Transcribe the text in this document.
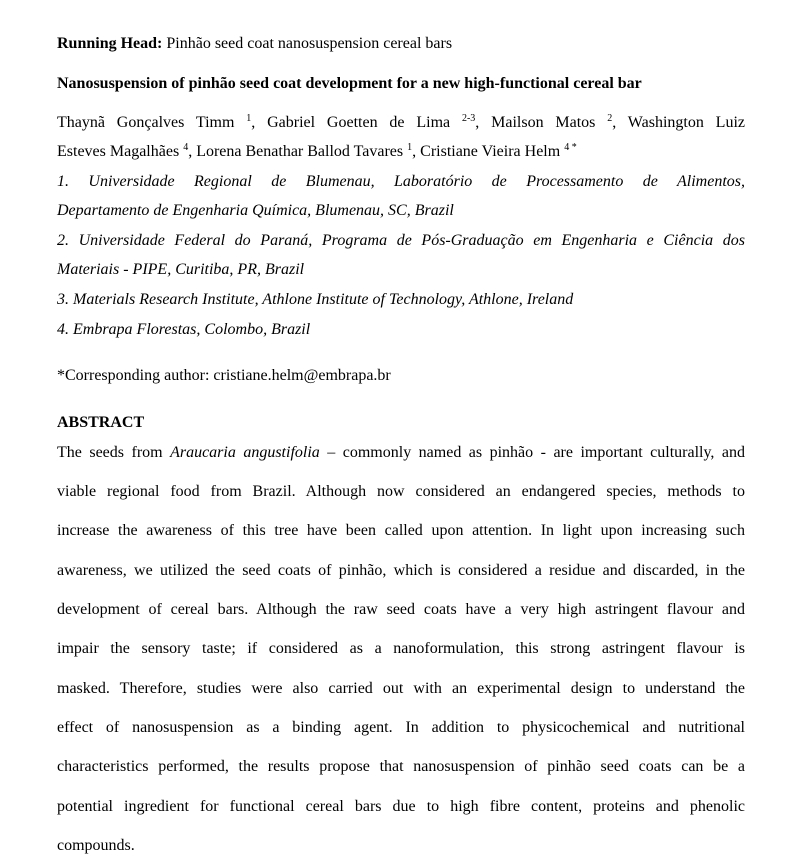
Running Head: Pinhão seed coat nanosuspension cereal bars
Nanosuspension of pinhão seed coat development for a new high-functional cereal bar
Thaynã Gonçalves Timm $^1$, Gabriel Goetten de Lima $^{2-3}$, Mailson Matos $^2$, Washington Luiz
Esteves Magalhães $^4$, Lorena Benathar Ballod Tavares $^1$, Cristiane Vieira Helm $^{4 *}$
1. Universidade Regional de Blumenau, Laboratório de Processamento de Alimentos,
Departamento de Engenharia Química, Blumenau, SC, Brazil
2. Universidade Federal do Paraná, Programa de Pós-Graduação em Engenharia e Ciência dos
Materiais - PIPE, Curitiba, PR, Brazil
3. Materials Research Institute, Athlone Institute of Technology, Athlone, Ireland
4. Embrapa Florestas, Colombo, Brazil
*Corresponding author: cristiane.helm@embrapa.br
ABSTRACT
The seeds from Araucaria angustifolia – commonly named as pinhão - are important culturally, and
viable regional food from Brazil. Although now considered an endangered species, methods to
increase the awareness of this tree have been called upon attention. In light upon increasing such
awareness, we utilized the seed coats of pinhão, which is considered a residue and discarded, in the
development of cereal bars. Although the raw seed coats have a very high astringent flavour and
impair the sensory taste; if considered as a nanoformulation, this strong astringent flavour is
masked. Therefore, studies were also carried out with an experimental design to understand the
effect of nanosuspension as a binding agent. In addition to physicochemical and nutritional
characteristics performed, the results propose that nanosuspension of pinhão seed coats can be a
potential ingredient for functional cereal bars due to high fibre content, proteins and phenolic
compounds.
